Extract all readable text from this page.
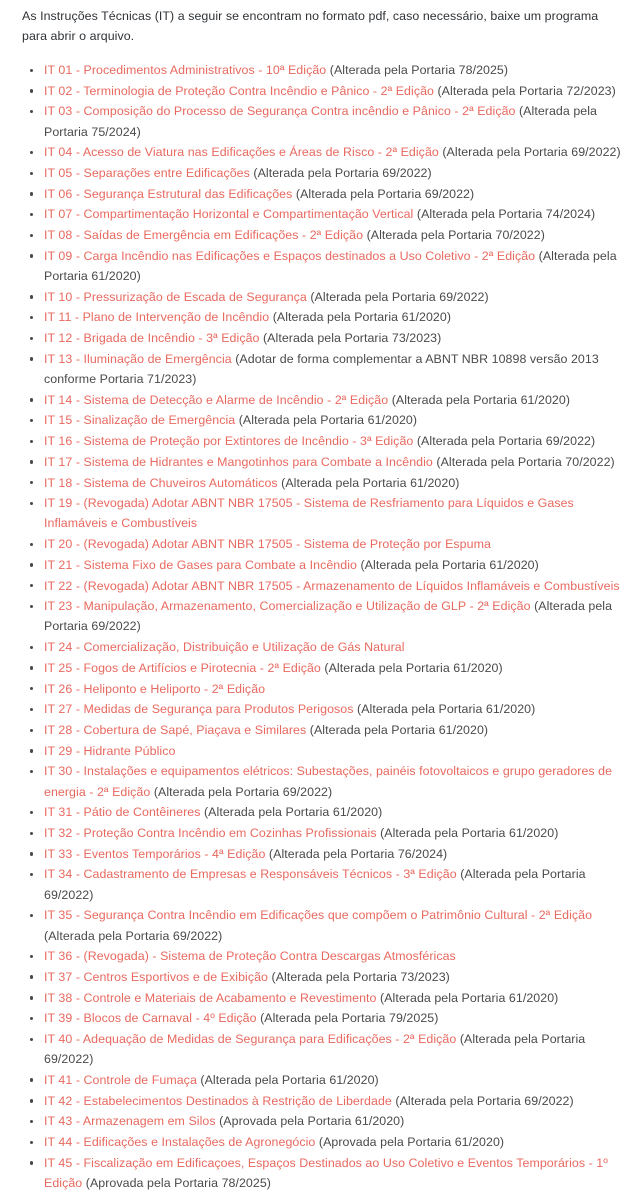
As Instruções Técnicas (IT) a seguir se encontram no formato pdf, caso necessário, baixe um programa para abrir o arquivo.

IT 01 - Procedimentos Administrativos - 10ª Edição (Alterada pela Portaria 78/2025)
IT 02 - Terminologia de Proteção Contra Incêndio e Pânico - 2ª Edição (Alterada pela Portaria 72/2023)
IT 03 - Composição do Processo de Segurança Contra incêndio e Pânico - 2ª Edição (Alterada pela Portaria 75/2024)
IT 04 - Acesso de Viatura nas Edificações e Áreas de Risco - 2ª Edição (Alterada pela Portaria 69/2022)
IT 05 - Separações entre Edificações (Alterada pela Portaria 69/2022)
IT 06 - Segurança Estrutural das Edificações (Alterada pela Portaria 69/2022)
IT 07 - Compartimentação Horizontal e Compartimentação Vertical (Alterada pela Portaria 74/2024)
IT 08 - Saídas de Emergência em Edificações - 2ª Edição (Alterada pela Portaria 70/2022)
IT 09 - Carga Incêndio nas Edificações e Espaços destinados a Uso Coletivo - 2ª Edição (Alterada pela Portaria 61/2020)
IT 10 - Pressurização de Escada de Segurança (Alterada pela Portaria 69/2022)
IT 11 - Plano de Intervenção de Incêndio (Alterada pela Portaria 61/2020)
IT 12 - Brigada de Incêndio - 3ª Edição (Alterada pela Portaria 73/2023)
IT 13 - Iluminação de Emergência (Adotar de forma complementar a ABNT NBR 10898 versão 2013 conforme Portaria 71/2023)
IT 14 - Sistema de Detecção e Alarme de Incêndio - 2ª Edição (Alterada pela Portaria 61/2020)
IT 15 - Sinalização de Emergência (Alterada pela Portaria 61/2020)
IT 16 - Sistema de Proteção por Extintores de Incêndio - 3ª Edição (Alterada pela Portaria 69/2022)
IT 17 - Sistema de Hidrantes e Mangotinhos para Combate a Incêndio (Alterada pela Portaria 70/2022)
IT 18 - Sistema de Chuveiros Automáticos (Alterada pela Portaria 61/2020)
IT 19 - (Revogada) Adotar ABNT NBR 17505 - Sistema de Resfriamento para Líquidos e Gases Inflamáveis e Combustíveis
IT 20 - (Revogada) Adotar ABNT NBR 17505 - Sistema de Proteção por Espuma
IT 21 - Sistema Fixo de Gases para Combate a Incêndio (Alterada pela Portaria 61/2020)
IT 22 - (Revogada) Adotar ABNT NBR 17505 - Armazenamento de Líquidos Inflamáveis e Combustíveis
IT 23 - Manipulação, Armazenamento, Comercialização e Utilização de GLP - 2ª Edição (Alterada pela Portaria 69/2022)
IT 24 - Comercialização, Distribuição e Utilização de Gás Natural
IT 25 - Fogos de Artifícios e Pirotecnia - 2ª Edição (Alterada pela Portaria 61/2020)
IT 26 - Heliponto e Heliporto - 2ª Edição
IT 27 - Medidas de Segurança para Produtos Perigosos (Alterada pela Portaria 61/2020)
IT 28 - Cobertura de Sapé, Piaçava e Similares (Alterada pela Portaria 61/2020)
IT 29 - Hidrante Público
IT 30 - Instalações e equipamentos elétricos: Subestações, painéis fotovoltaicos e grupo geradores de energia - 2ª Edição (Alterada pela Portaria 69/2022)
IT 31 - Pátio de Contêineres (Alterada pela Portaria 61/2020)
IT 32 - Proteção Contra Incêndio em Cozinhas Profissionais (Alterada pela Portaria 61/2020)
IT 33 - Eventos Temporários - 4ª Edição (Alterada pela Portaria 76/2024)
IT 34 - Cadastramento de Empresas e Responsáveis Técnicos - 3ª Edição (Alterada pela Portaria 69/2022)
IT 35 - Segurança Contra Incêndio em Edificações que compõem o Patrimônio Cultural - 2ª Edição (Alterada pela Portaria 69/2022)
IT 36 - (Revogada) - Sistema de Proteção Contra Descargas Atmosféricas
IT 37 - Centros Esportivos e de Exibição (Alterada pela Portaria 73/2023)
IT 38 - Controle e Materiais de Acabamento e Revestimento (Alterada pela Portaria 61/2020)
IT 39 - Blocos de Carnaval - 4º Edição (Alterada pela Portaria 79/2025)
IT 40 - Adequação de Medidas de Segurança para Edificações - 2ª Edição (Alterada pela Portaria 69/2022)
IT 41 - Controle de Fumaça (Alterada pela Portaria 61/2020)
IT 42 - Estabelecimentos Destinados à Restrição de Liberdade (Alterada pela Portaria 69/2022)
IT 43 - Armazenagem em Silos (Aprovada pela Portaria 61/2020)
IT 44 - Edificações e Instalações de Agronegócio (Aprovada pela Portaria 61/2020)
IT 45 - Fiscalização em Edificaçoes, Espaços Destinados ao Uso Coletivo e Eventos Temporários - 1º Edição (Aprovada pela Portaria 78/2025)
